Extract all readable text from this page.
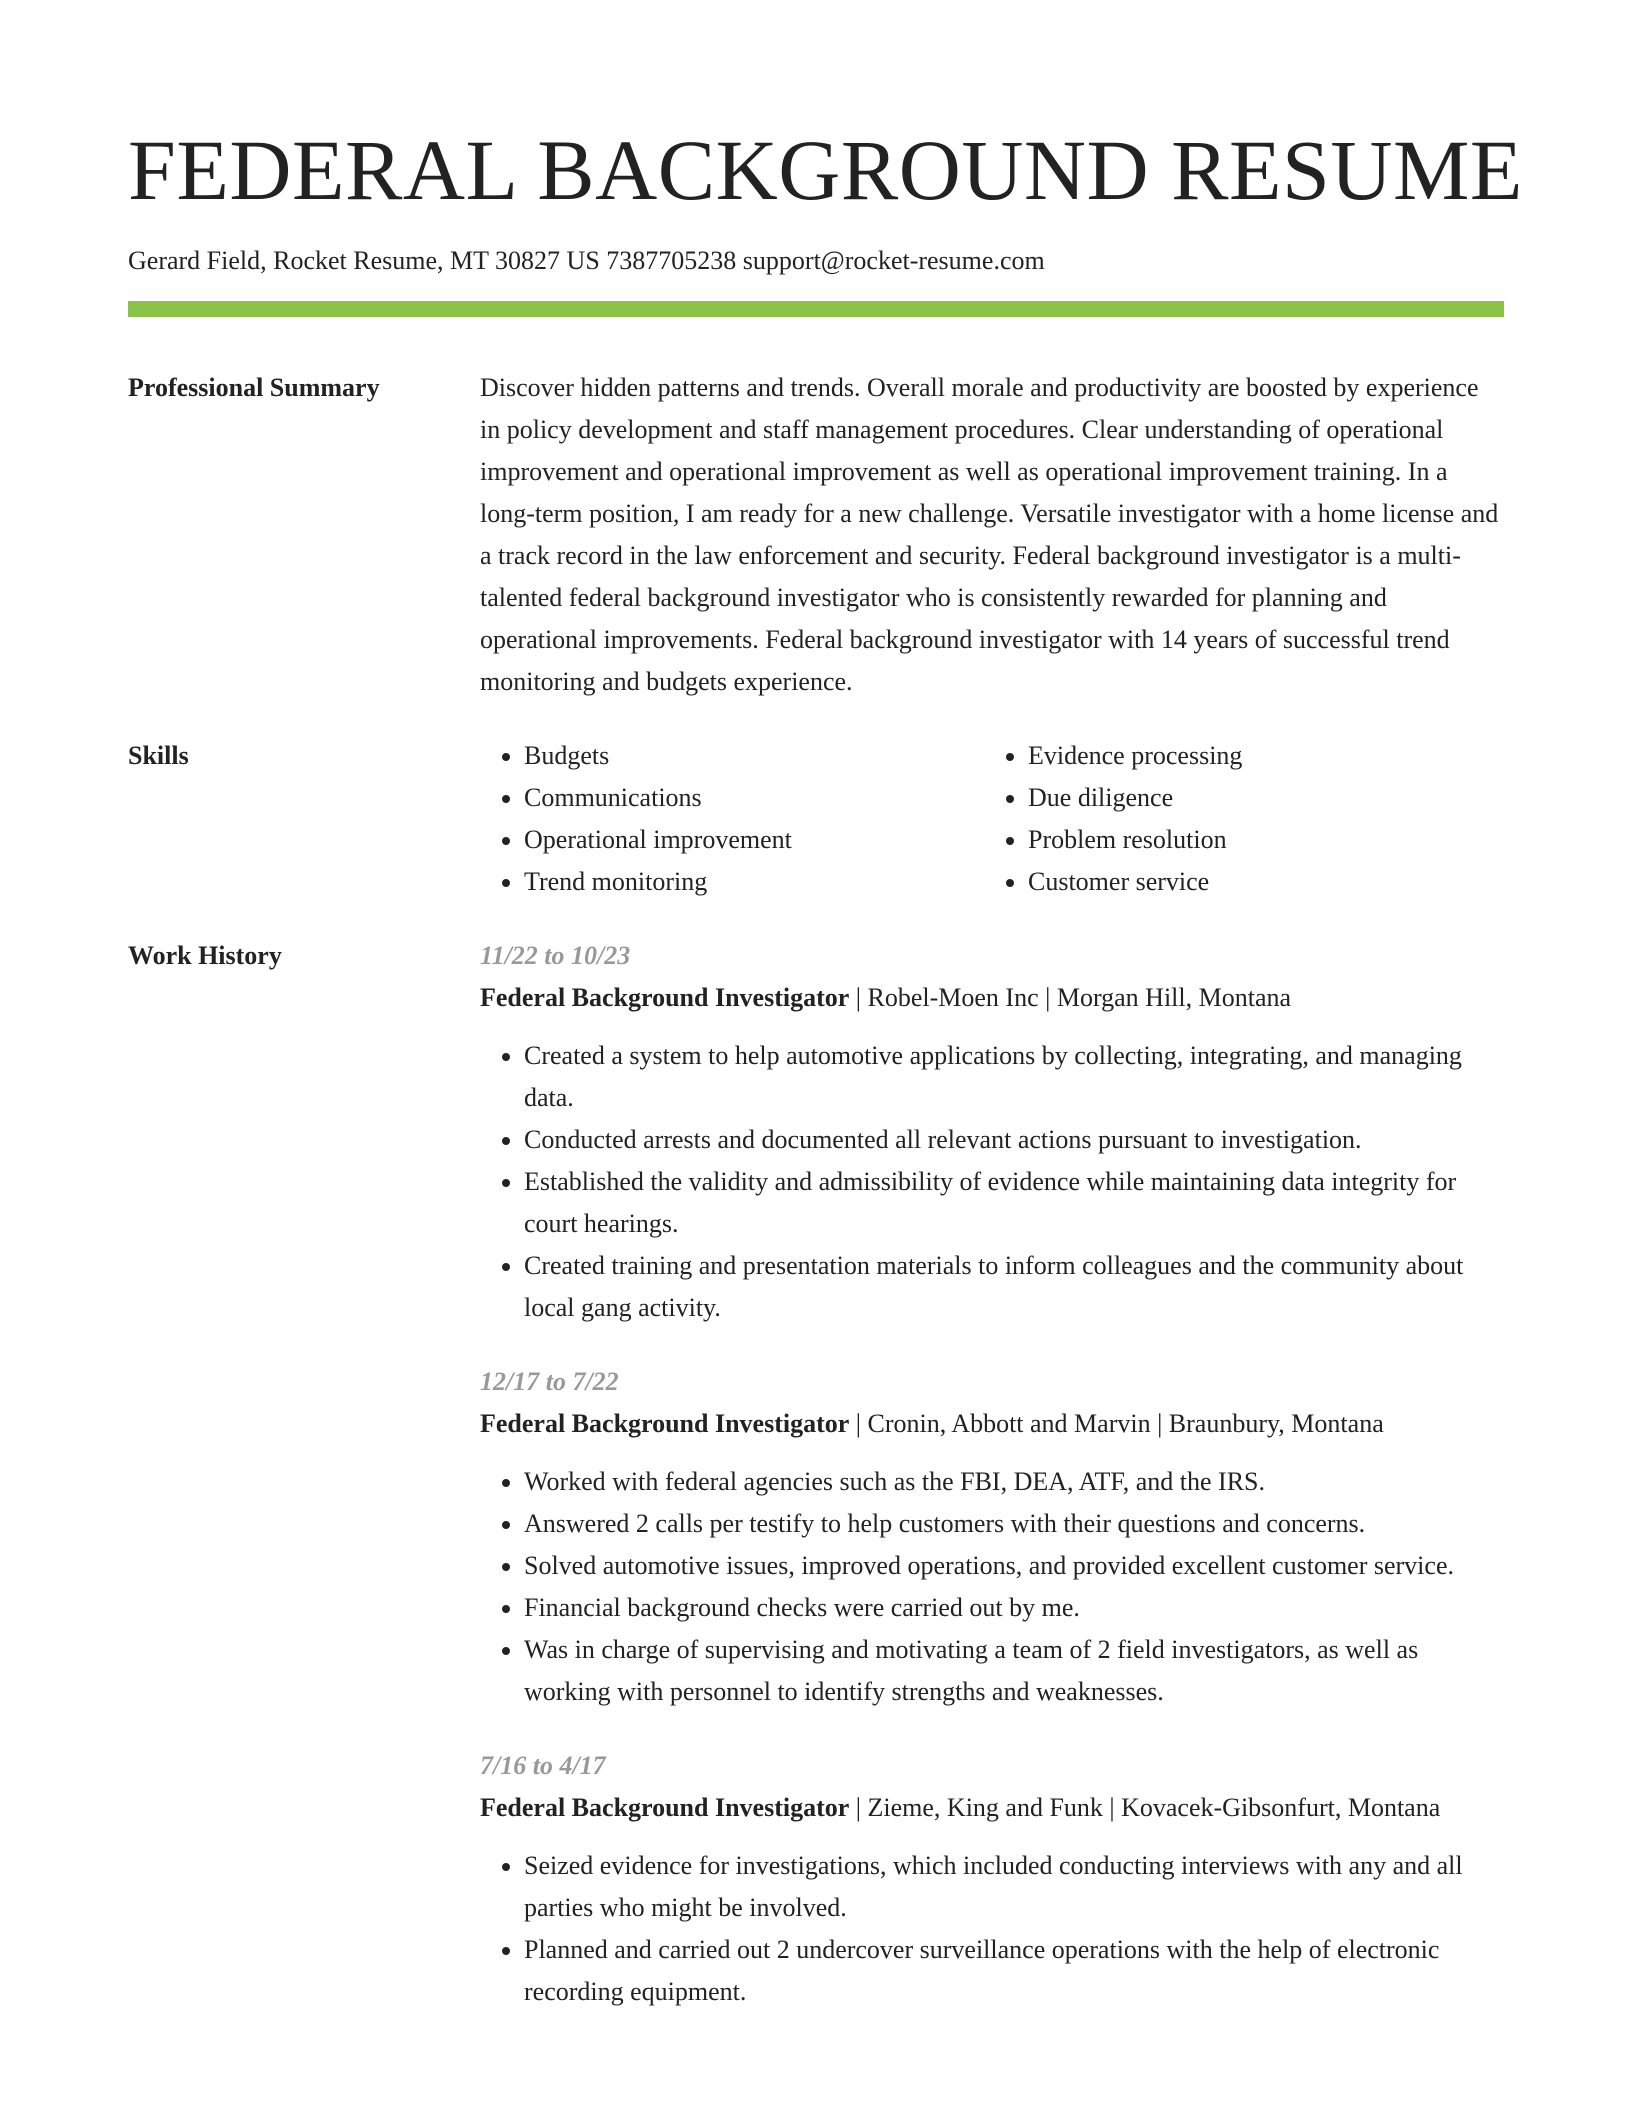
FEDERAL BACKGROUND RESUME
Gerard Field, Rocket Resume, MT 30827 US 7387705238 support@rocket-resume.com
Professional Summary	Discover hidden patterns and trends. Overall morale and productivity are boosted by experience in policy development and staff management procedures. Clear understanding of operational improvement and operational improvement as well as operational improvement training. In a long-term position, I am ready for a new challenge. Versatile investigator with a home license and a track record in the law enforcement and security. Federal background investigator is a multi-talented federal background investigator who is consistently rewarded for planning and operational improvements. Federal background investigator with 14 years of successful trend monitoring and budgets experience.

Skills
•	Budgets
• Communications
• Operational improvement
• Trend monitoring
• Evidence processing
• Due diligence
• Problem resolution
• Customer service
Work History	11/22 to 10/23
Federal Background Investigator | Robel-Moen Inc | Morgan Hill, Montana
• Created a system to help automotive applications by collecting, integrating, and managing data.
• Conducted arrests and documented all relevant actions pursuant to investigation.
• Established the validity and admissibility of evidence while maintaining data integrity for court hearings.
• Created training and presentation materials to inform colleagues and the community about local gang activity.
12/17 to 7/22
Federal Background Investigator | Cronin, Abbott and Marvin | Braunbury, Montana
• Worked with federal agencies such as the FBI, DEA, ATF, and the IRS.
• Answered 2 calls per testify to help customers with their questions and concerns.
• Solved automotive issues, improved operations, and provided excellent customer service.
• Financial background checks were carried out by me.
• Was in charge of supervising and motivating a team of 2 field investigators, as well as working with personnel to identify strengths and weaknesses.
7/16 to 4/17
Federal Background Investigator | Zieme, King and Funk | Kovacek-Gibsonfurt, Montana
• Seized evidence for investigations, which included conducting interviews with any and all parties who might be involved.
• Planned and carried out 2 undercover surveillance operations with the help of electronic recording equipment.
